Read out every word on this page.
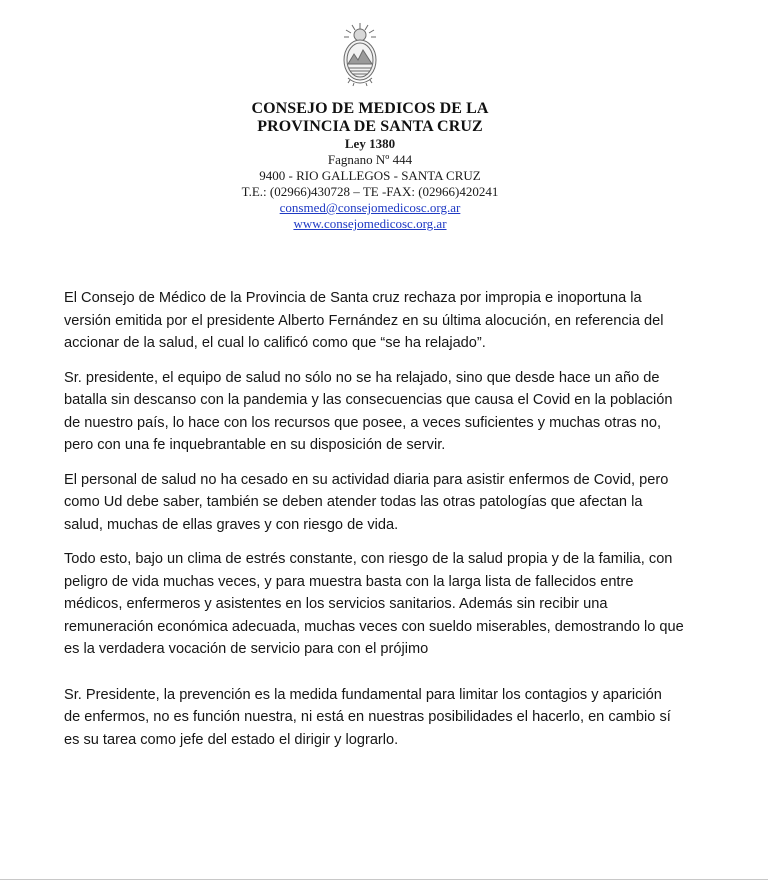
CONSEJO DE MEDICOS DE LA
PROVINCIA DE SANTA CRUZ
Ley 1380
Fagnano Nº 444
9400 - RIO GALLEGOS - SANTA CRUZ
T.E.: (02966)430728 – TE -FAX: (02966)420241
consmed@consejomedicosc.org.ar
www.consejomedicosc.org.ar

El Consejo de Médico de la Provincia de Santa cruz rechaza por impropia e inoportuna la
versión emitida por el presidente Alberto Fernández en su última alocución, en referencia del
accionar de la salud, el cual lo calificó como que “se ha relajado”.

Sr. presidente, el equipo de salud no sólo no se ha relajado, sino que desde hace un año de
batalla sin descanso con la pandemia y las consecuencias que causa el Covid en la población
de nuestro país, lo hace con los recursos que posee, a veces suficientes y muchas otras no,
pero con una fe inquebrantable en su disposición de servir.

El personal de salud no ha cesado en su actividad diaria para asistir enfermos de Covid, pero
como Ud debe saber, también se deben atender todas las otras patologías que afectan la
salud, muchas de ellas graves y con riesgo de vida.

Todo esto, bajo un clima de estrés constante, con riesgo de la salud propia y de la familia, con
peligro de vida muchas veces, y para muestra basta con la larga lista de fallecidos entre
médicos, enfermeros y asistentes en los servicios sanitarios. Además sin recibir una
remuneración económica adecuada, muchas veces con sueldo miserables, demostrando lo que
es la verdadera vocación de servicio para con el prójimo

Sr. Presidente, la prevención es la medida fundamental para limitar los contagios y aparición
de enfermos, no es función nuestra, ni está en nuestras posibilidades el hacerlo, en cambio sí
es su tarea como jefe del estado el dirigir y lograrlo.
